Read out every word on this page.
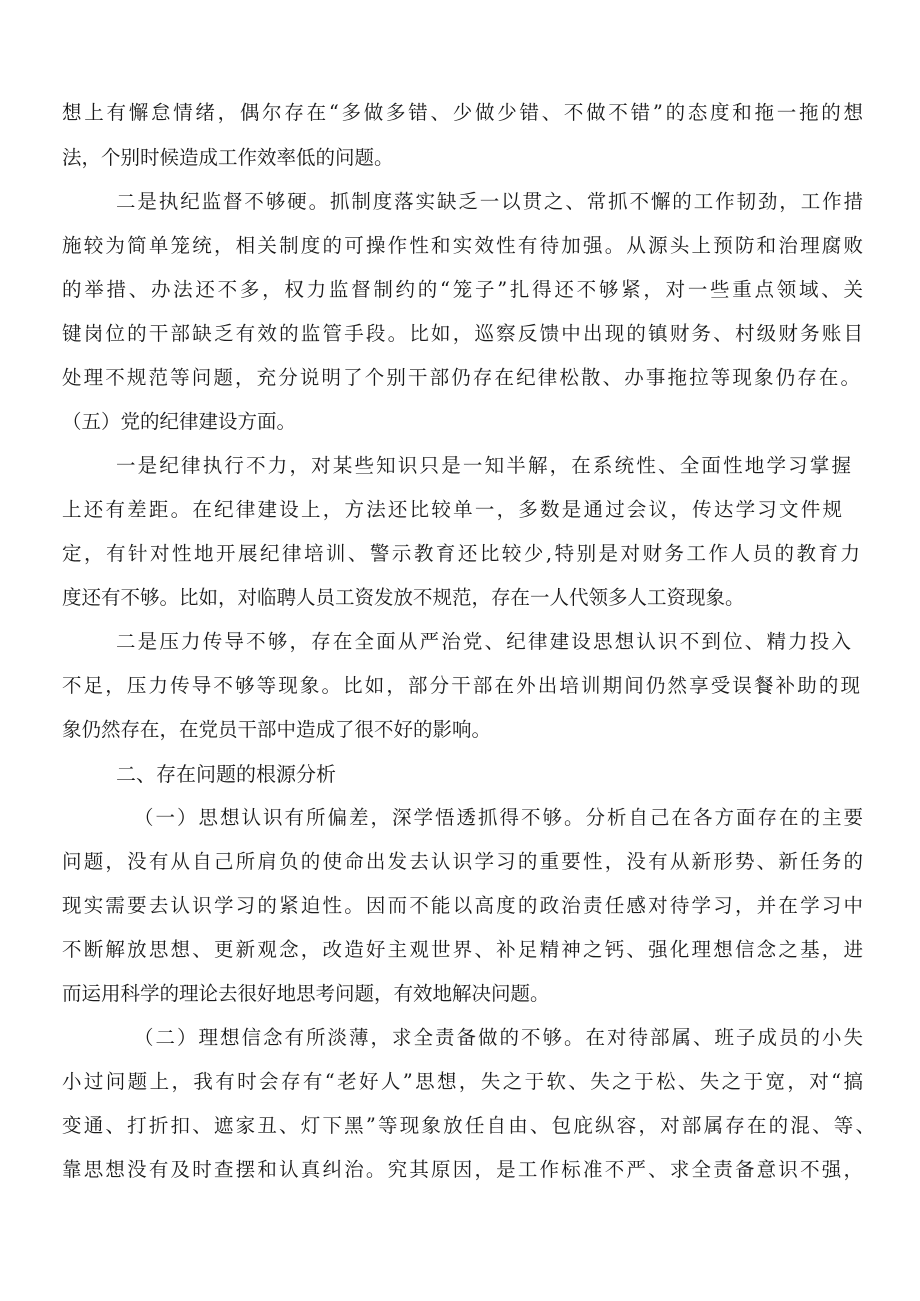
想上有懈怠情绪，偶尔存在“多做多错、少做少错、不做不错”的态度和拖一拖的想
法，个别时候造成工作效率低的问题。
二是执纪监督不够硬。抓制度落实缺乏一以贯之、常抓不懈的工作韧劲，工作措
施较为简单笼统，相关制度的可操作性和实效性有待加强。从源头上预防和治理腐败
的举措、办法还不多，权力监督制约的“笼子”扎得还不够紧，对一些重点领域、关
键岗位的干部缺乏有效的监管手段。比如，巡察反馈中出现的镇财务、村级财务账目
处理不规范等问题，充分说明了个别干部仍存在纪律松散、办事拖拉等现象仍存在。
（五）党的纪律建设方面。
一是纪律执行不力，对某些知识只是一知半解，在系统性、全面性地学习掌握
上还有差距。在纪律建设上，方法还比较单一，多数是通过会议，传达学习文件规
定，有针对性地开展纪律培训、警示教育还比较少,特别是对财务工作人员的教育力
度还有不够。比如，对临聘人员工资发放不规范，存在一人代领多人工资现象。
二是压力传导不够，存在全面从严治党、纪律建设思想认识不到位、精力投入
不足，压力传导不够等现象。比如，部分干部在外出培训期间仍然享受误餐补助的现
象仍然存在，在党员干部中造成了很不好的影响。
二、存在问题的根源分析
（一）思想认识有所偏差，深学悟透抓得不够。分析自己在各方面存在的主要
问题，没有从自己所肩负的使命出发去认识学习的重要性，没有从新形势、新任务的
现实需要去认识学习的紧迫性。因而不能以高度的政治责任感对待学习，并在学习中
不断解放思想、更新观念，改造好主观世界、补足精神之钙、强化理想信念之基，进
而运用科学的理论去很好地思考问题，有效地解决问题。
（二）理想信念有所淡薄，求全责备做的不够。在对待部属、班子成员的小失
小过问题上，我有时会存有“老好人”思想，失之于软、失之于松、失之于宽，对“搞
变通、打折扣、遮家丑、灯下黑”等现象放任自由、包庇纵容，对部属存在的混、等、
靠思想没有及时查摆和认真纠治。究其原因，是工作标准不严、求全责备意识不强，
